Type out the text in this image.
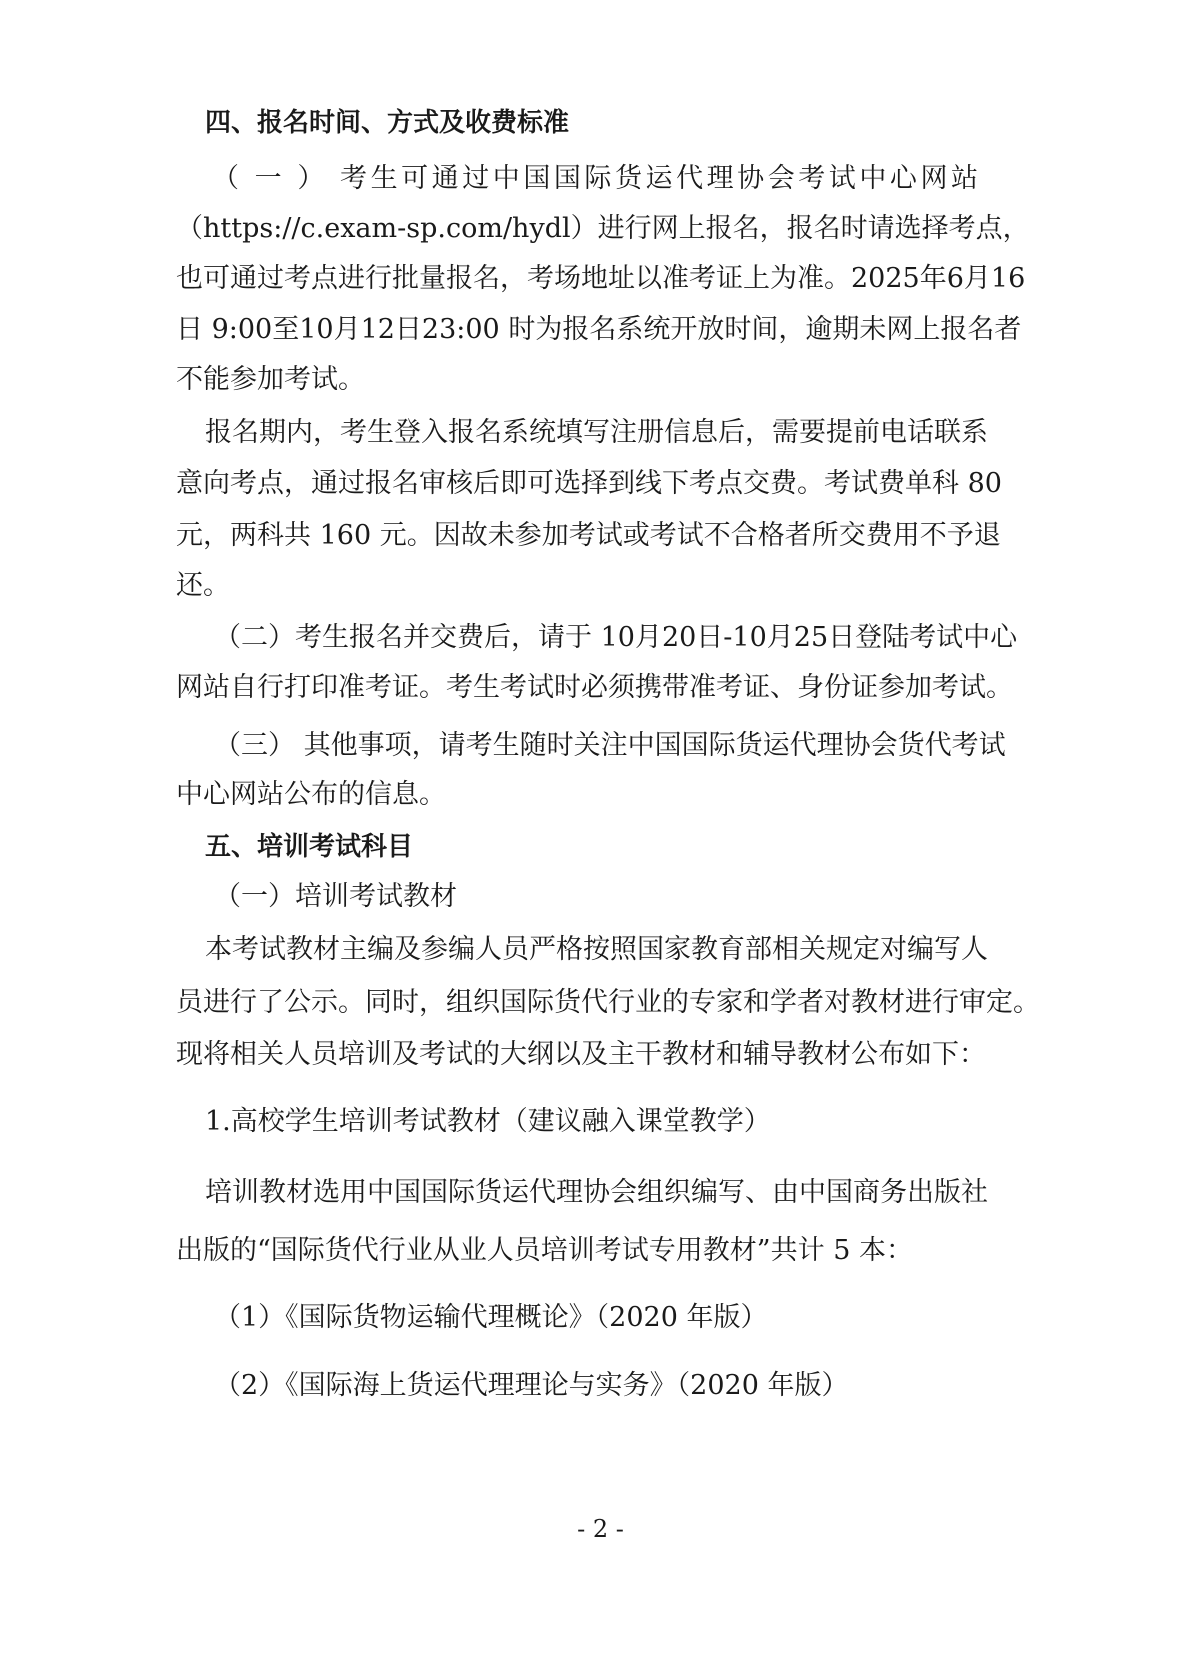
四、报名时间、方式及收费标准
（ 一 ） 考生可通过中国国际货运代理协会考试中心网站
（https://c.exam-sp.com/hydl）进行网上报名，报名时请选择考点，
也可通过考点进行批量报名，考场地址以准考证上为准。2025年6月16
日 9:00至10月12日23:00 时为报名系统开放时间，逾期未网上报名者
不能参加考试。
报名期内，考生登入报名系统填写注册信息后，需要提前电话联系
意向考点，通过报名审核后即可选择到线下考点交费。考试费单科 80
元，两科共 160 元。因故未参加考试或考试不合格者所交费用不予退
还。
（二）考生报名并交费后，请于 10月20日-10月25日登陆考试中心
网站自行打印准考证。考生考试时必须携带准考证、身份证参加考试。
（三） 其他事项，请考生随时关注中国国际货运代理协会货代考试
中心网站公布的信息。
五、培训考试科目
（一）培训考试教材
本考试教材主编及参编人员严格按照国家教育部相关规定对编写人
员进行了公示。同时，组织国际货代行业的专家和学者对教材进行审定。
现将相关人员培训及考试的大纲以及主干教材和辅导教材公布如下：
1.高校学生培训考试教材（建议融入课堂教学）
培训教材选用中国国际货运代理协会组织编写、由中国商务出版社
出版的“国际货代行业从业人员培训考试专用教材”共计 5 本：
（1）《国际货物运输代理概论》（2020 年版）
（2）《国际海上货运代理理论与实务》（2020 年版）
- 2 -
